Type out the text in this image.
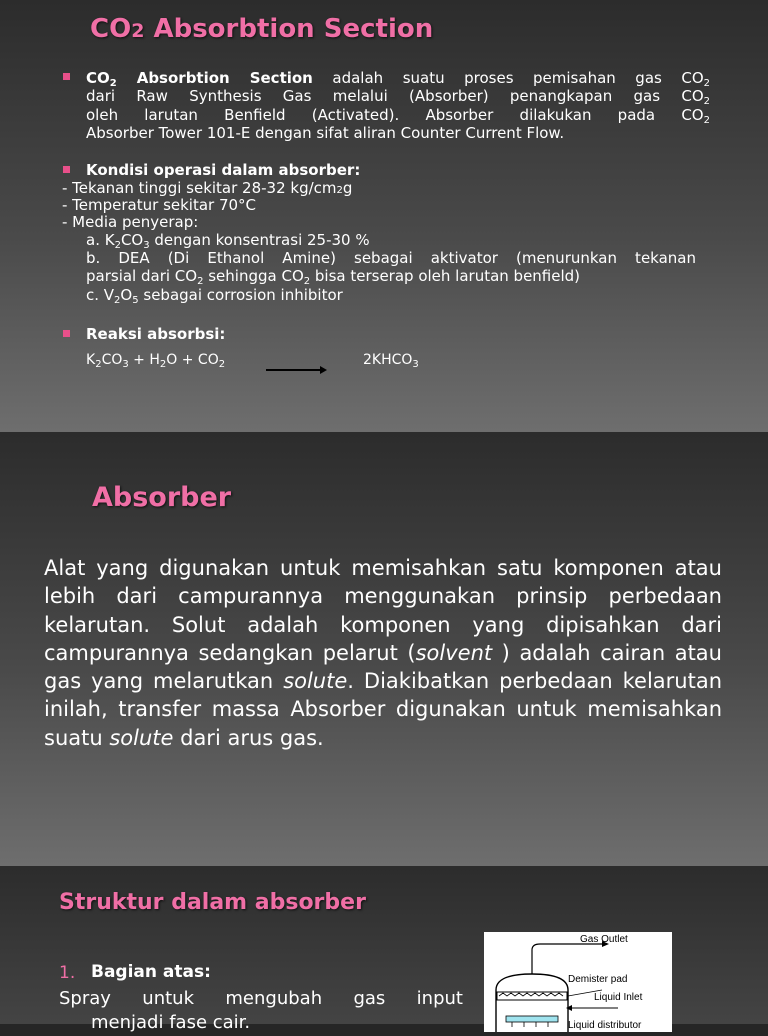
CO2 Absorbtion Section
$CO_2$ Absorbtion Section adalah suatu proses pemisahan gas $CO_2$
dari Raw Synthesis Gas melalui (Absorber) penangkapan gas $CO_2$
oleh larutan Benfield (Activated). Absorber dilakukan pada $CO_2$
Absorber Tower 101-E dengan sifat aliran Counter Current Flow.
Kondisi operasi dalam absorber:
- Tekanan tinggi sekitar 28-32 kg/cm2g
- Temperatur sekitar 70°C
- Media penyerap:
a. $K_2CO_3$ dengan konsentrasi 25-30 %
b. DEA (Di Ethanol Amine) sebagai aktivator (menurunkan tekanan
parsial dari $CO_2$ sehingga $CO_2$ bisa terserap oleh larutan benfield)
c. $V_2O_5$ sebagai corrosion inhibitor
Reaksi absorbsi:
$K_2CO_3 + H_2O + CO_2$	$2KHCO_3$
Absorber
Alat yang digunakan untuk memisahkan satu komponen atau lebih dari campurannya menggunakan prinsip perbedaan kelarutan. Solut adalah komponen yang dipisahkan dari campurannya sedangkan pelarut (solvent ) adalah cairan atau gas yang melarutkan solute. Diakibatkan perbedaan kelarutan inilah, transfer massa Absorber digunakan untuk memisahkan suatu solute dari arus gas.
Struktur dalam absorber
1. Bagian atas:
Spray untuk mengubah gas input
menjadi fase cair.
Gas Outlet
Demister pad
Liquid Inlet
Liquid distributor
